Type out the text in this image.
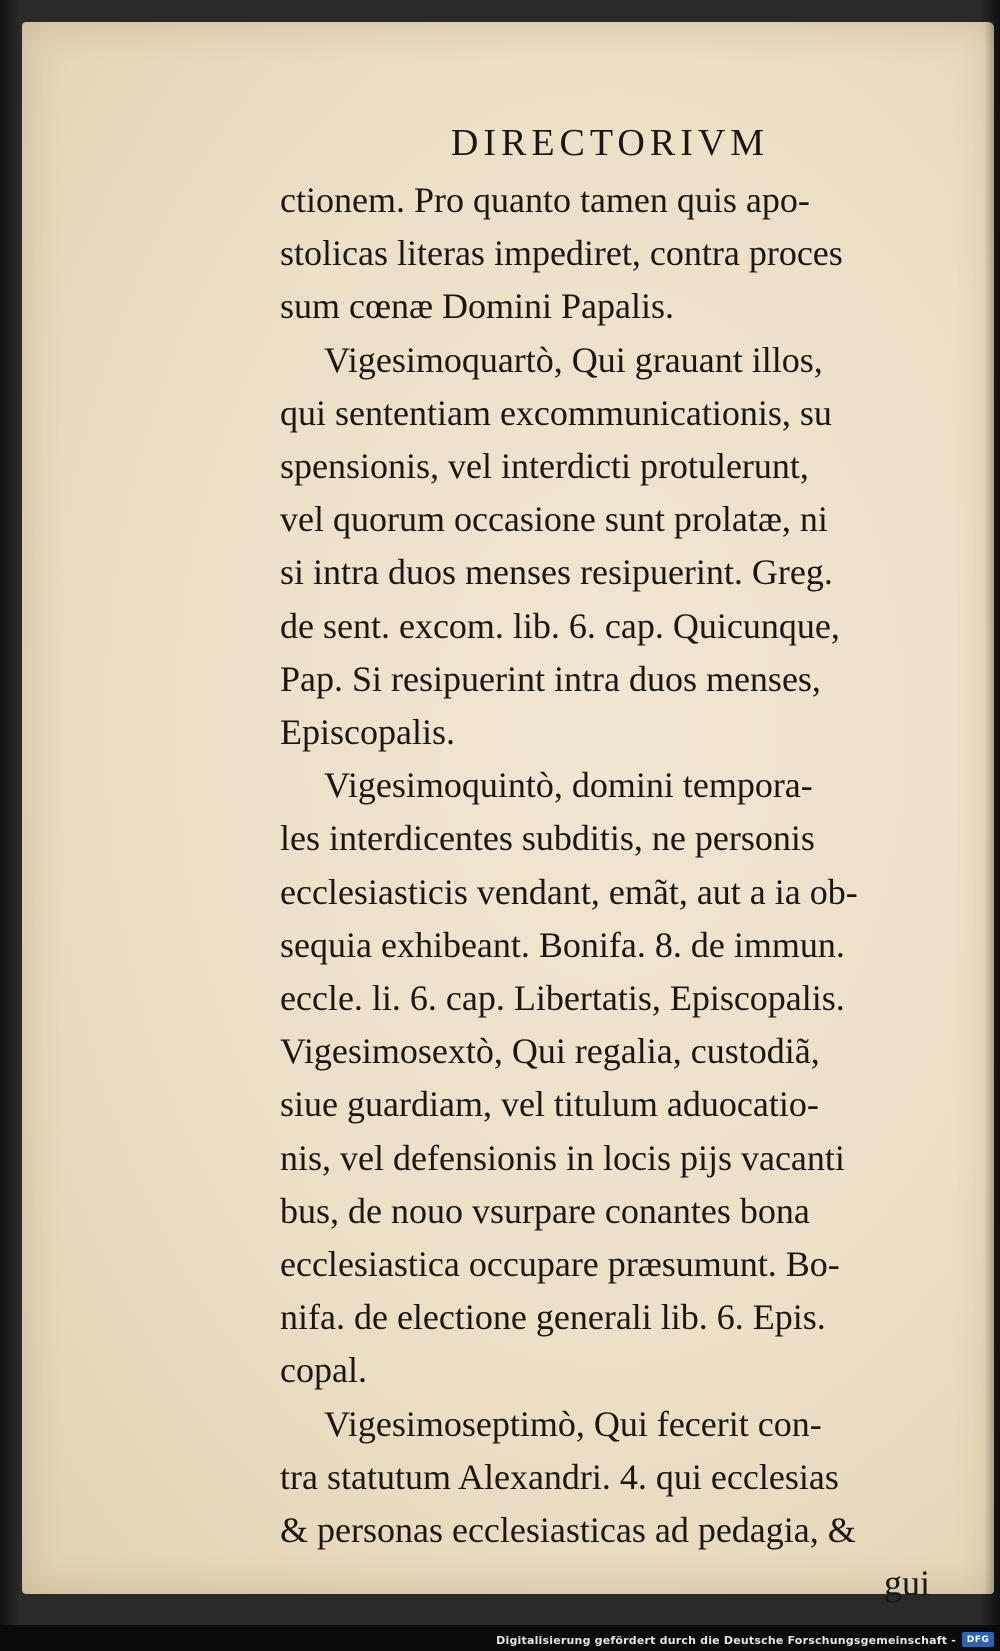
DIRECTORIVM
ctionem. Pro quanto tamen quis apo-
stolicas literas impediret, contra proces
sum cœnæ Domini Papalis.
Vigesimoquartò, Qui grauant illos,
qui sententiam excommunicationis, su
spensionis, vel interdicti protulerunt,
vel quorum occasione sunt prolatæ, ni
si intra duos menses resipuerint. Greg.
de sent. excom. lib. 6. cap. Quicunque,
Pap. Si resipuerint intra duos menses,
Episcopalis.
Vigesimoquintò, domini tempora-
les interdicentes subditis, ne personis
ecclesiasticis vendant, emãt, aut a ia ob-
sequia exhibeant. Bonifa. 8. de immun.
eccle. li. 6. cap. Libertatis, Episcopalis.
Vigesimosextò, Qui regalia, custodiã,
siue guardiam, vel titulum aduocatio-
nis, vel defensionis in locis pijs vacanti
bus, de nouo vsurpare conantes bona
ecclesiastica occupare præsumunt. Bo-
nifa. de electione generali lib. 6. Epis.
copal.
Vigesimoseptimò, Qui fecerit con-
tra statutum Alexandri. 4. qui ecclesias
& personas ecclesiasticas ad pedagia, &
gui
Digitalisierung gefördert durch die Deutsche Forschungsgemeinschaft - DFG
